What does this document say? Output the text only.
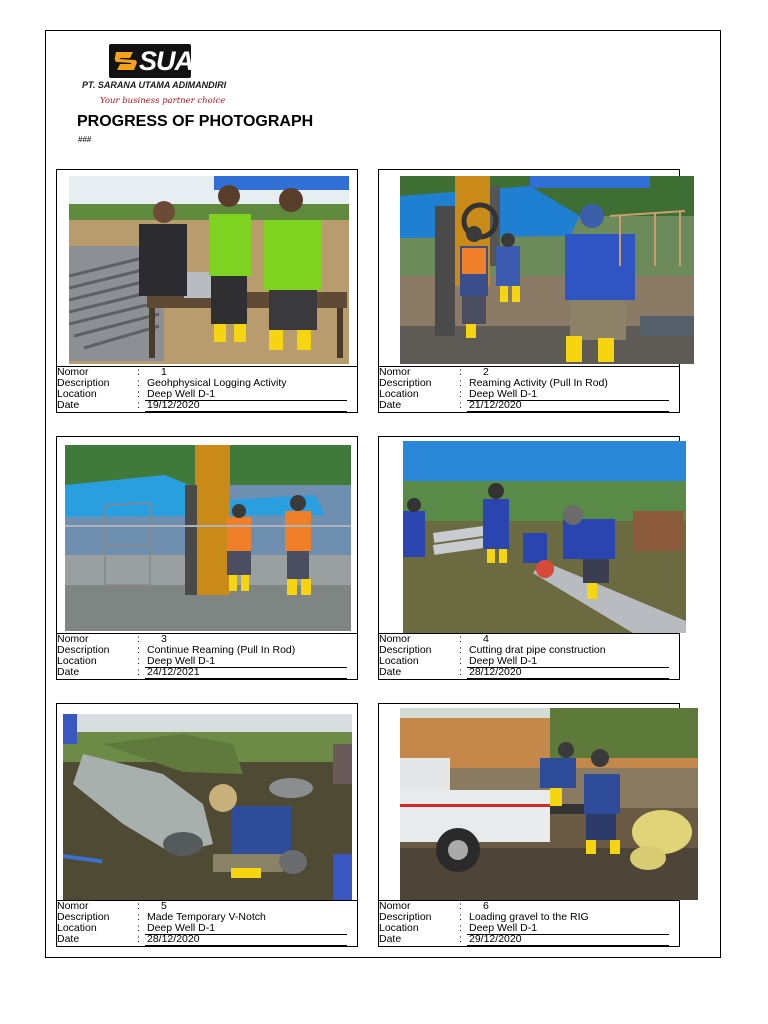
SUA
PT. SARANA UTAMA ADIMANDIRI
Your business partner choice
PROGRESS OF PHOTOGRAPH
###
Nomor	: 1
Description	: Geohphysical Logging Activity
Location	: Deep Well D-1
Date	: 19/12/2020
Nomor	: 2
Description	: Reaming Activity (Pull In Rod)
Location	: Deep Well D-1
Date	: 21/12/2020
Nomor	: 3
Description	: Continue Reaming (Pull In Rod)
Location	: Deep Well D-1
Date	: 24/12/2021
Nomor	: 4
Description	: Cutting drat pipe construction
Location	: Deep Well D-1
Date	: 28/12/2020
Nomor	: 5
Description	: Made Temporary V-Notch
Location	: Deep Well D-1
Date	: 28/12/2020
Nomor	: 6
Description	: Loading gravel to the RIG
Location	: Deep Well D-1
Date	: 29/12/2020
